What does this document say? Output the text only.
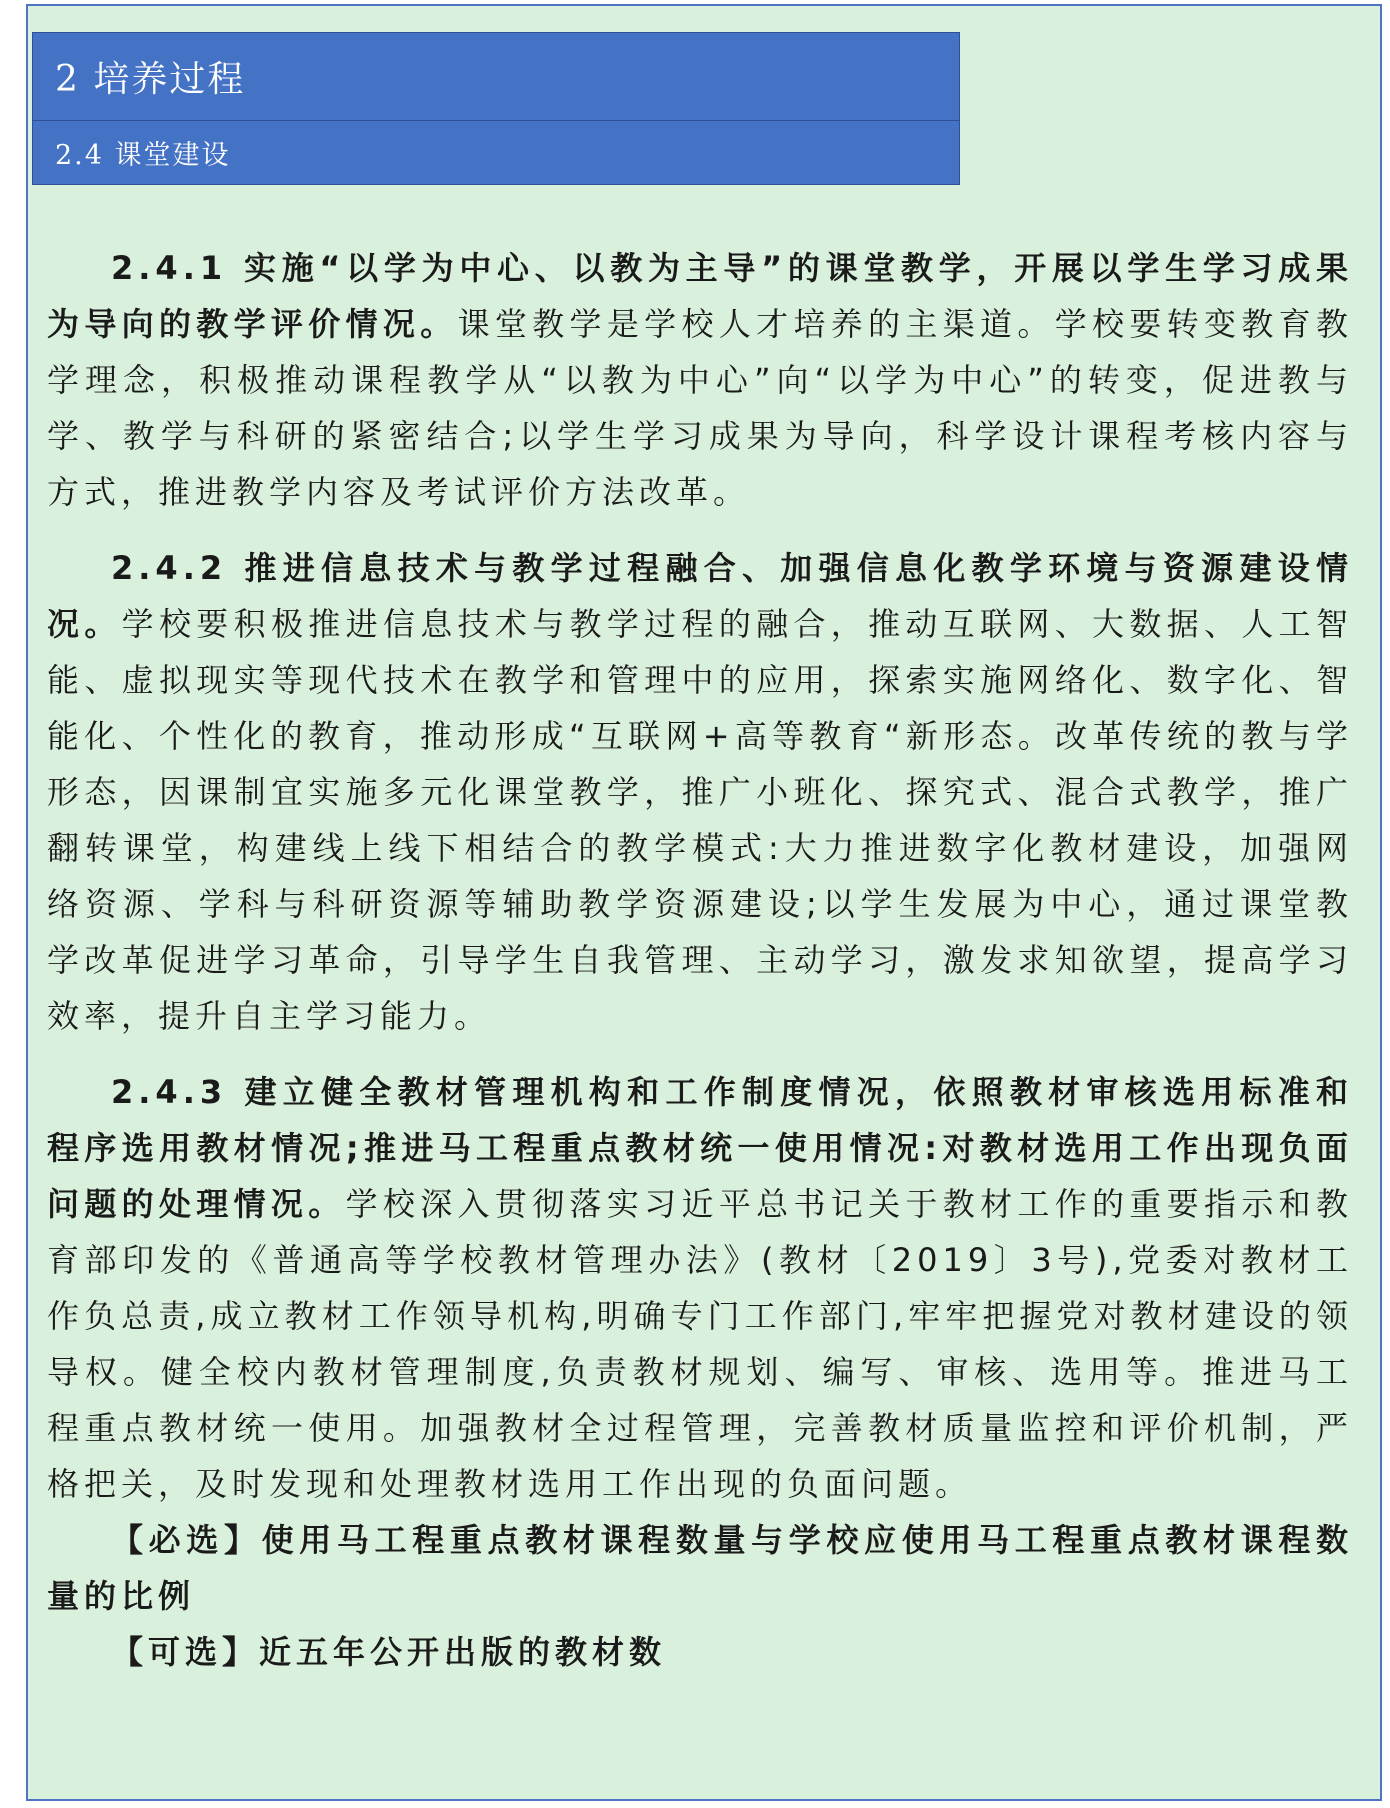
2 培养过程
2.4 课堂建设

2.4.1 实施“以学为中心、以教为主导”的课堂教学，开展以学生学习成果为导向的教学评价情况。课堂教学是学校人才培养的主渠道。学校要转变教育教学理念，积极推动课程教学从“以教为中心”向“以学为中心”的转变，促进教与学、教学与科研的紧密结合;以学生学习成果为导向，科学设计课程考核内容与方式，推进教学内容及考试评价方法改革。

2.4.2 推进信息技术与教学过程融合、加强信息化教学环境与资源建设情况。学校要积极推进信息技术与教学过程的融合，推动互联网、大数据、人工智能、虚拟现实等现代技术在教学和管理中的应用，探索实施网络化、数字化、智能化、个性化的教育，推动形成“互联网+高等教育“新形态。改革传统的教与学形态，因课制宜实施多元化课堂教学，推广小班化、探究式、混合式教学，推广翻转课堂，构建线上线下相结合的教学模式:大力推进数字化教材建设，加强网络资源、学科与科研资源等辅助教学资源建设;以学生发展为中心，通过课堂教学改革促进学习革命，引导学生自我管理、主动学习，激发求知欲望，提高学习效率，提升自主学习能力。

2.4.3 建立健全教材管理机构和工作制度情况，依照教材审核选用标准和程序选用教材情况;推进马工程重点教材统一使用情况:对教材选用工作出现负面问题的处理情况。学校深入贯彻落实习近平总书记关于教材工作的重要指示和教育部印发的《普通高等学校教材管理办法》(教材〔2019〕3号),党委对教材工作负总责,成立教材工作领导机构,明确专门工作部门,牢牢把握党对教材建设的领导权。健全校内教材管理制度,负责教材规划、编写、审核、选用等。推进马工程重点教材统一使用。加强教材全过程管理，完善教材质量监控和评价机制，严格把关，及时发现和处理教材选用工作出现的负面问题。

【必选】使用马工程重点教材课程数量与学校应使用马工程重点教材课程数量的比例

【可选】近五年公开出版的教材数
